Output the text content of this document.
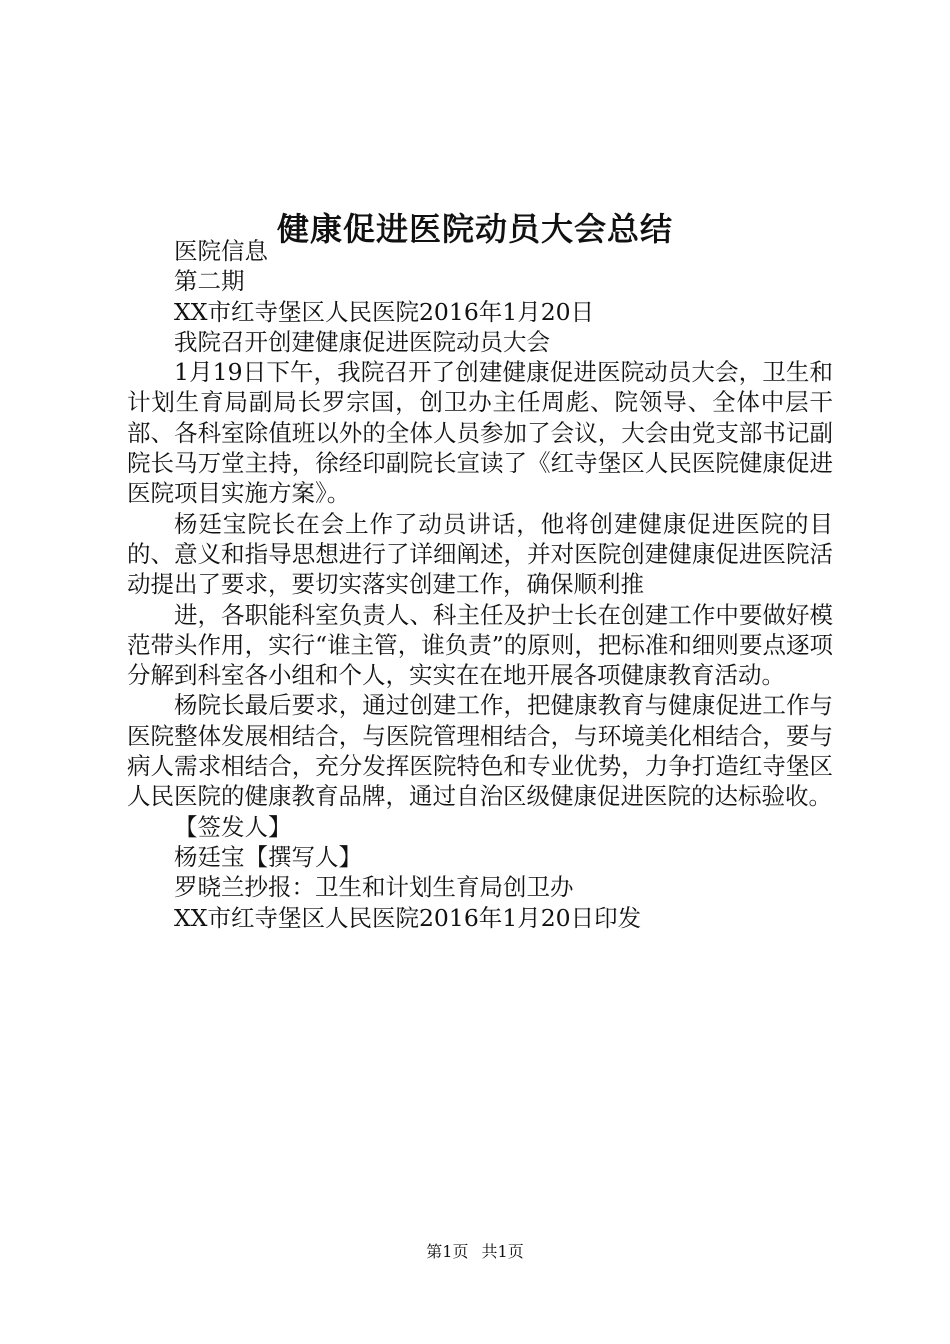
健康促进医院动员大会总结

医院信息

第二期

XX市红寺堡区人民医院2016年1月20日

我院召开创建健康促进医院动员大会

1月19日下午，我院召开了创建健康促进医院动员大会，卫生和计划生育局副局长罗宗国，创卫办主任周彪、院领导、全体中层干部、各科室除值班以外的全体人员参加了会议，大会由党支部书记副院长马万堂主持，徐经印副院长宣读了《红寺堡区人民医院健康促进医院项目实施方案》。

杨廷宝院长在会上作了动员讲话，他将创建健康促进医院的目的、意义和指导思想进行了详细阐述，并对医院创建健康促进医院活动提出了要求，要切实落实创建工作，确保顺利推

进，各职能科室负责人、科主任及护士长在创建工作中要做好模范带头作用，实行“谁主管，谁负责”的原则，把标准和细则要点逐项分解到科室各小组和个人，实实在在地开展各项健康教育活动。

杨院长最后要求，通过创建工作，把健康教育与健康促进工作与医院整体发展相结合，与医院管理相结合，与环境美化相结合，要与病人需求相结合，充分发挥医院特色和专业优势，力争打造红寺堡区人民医院的健康教育品牌，通过自治区级健康促进医院的达标验收。

【签发人】

杨廷宝【撰写人】

罗晓兰抄报：卫生和计划生育局创卫办

XX市红寺堡区人民医院2016年1月20日印发

第1页 共1页
